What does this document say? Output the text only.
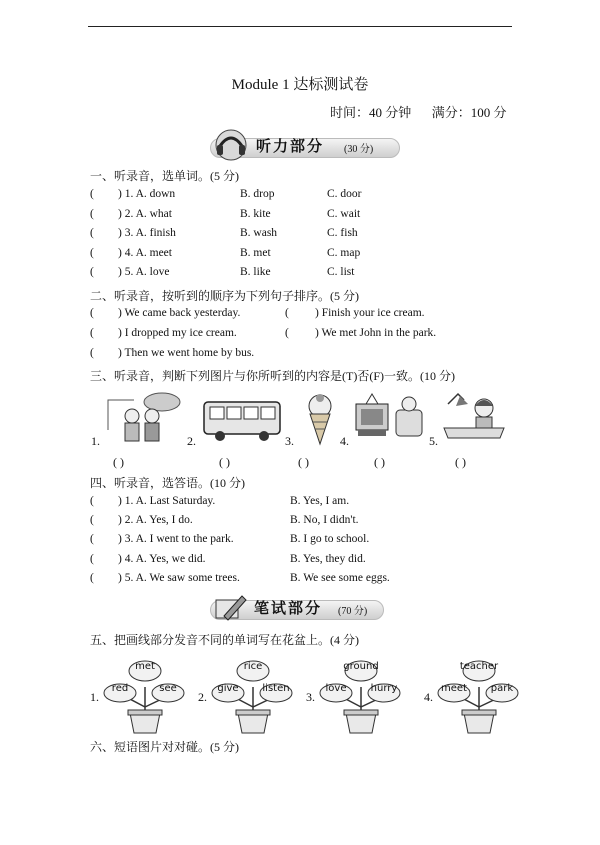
Module 1 达标测试卷
时间：40 分钟 满分：100 分
听力部分 (30 分)
一、听录音，选单词。(5 分)
( ) 1. A. down	B. drop	C. door
( ) 2. A. what	B. kite	C. wait
( ) 3. A. finish	B. wash	C. fish
( ) 4. A. meet	B. met	C. map
( ) 5. A. love	B. like	C. list
二、听录音，按听到的顺序为下列句子排序。(5 分)
( ) We came back yesterday.	( ) Finish your ice cream.
( ) I dropped my ice cream.	( ) We met John in the park.
( ) Then we went home by bus.
三、听录音，判断下列图片与你所听到的内容是(T)否(F)一致。(10 分)
1.	2.	3.	4.	5.
( )	( )	( )	( )	( )
四、听录音，选答语。(10 分)
( ) 1. A. Last Saturday.	B. Yes, I am.
( ) 2. A. Yes, I do.	B. No, I didn't.
( ) 3. A. I went to the park.	B. I go to school.
( ) 4. A. Yes, we did.	B. Yes, they did.
( ) 5. A. We saw some trees.	B. We see some eggs.
笔试部分 (70 分)
五、把画线部分发音不同的单词写在花盆上。(4 分)
1.
met
red	see
2.
rice
give	listen
3.
ground
love	hurry
4.
teacher
meet	park
六、短语图片对对碰。(5 分)
